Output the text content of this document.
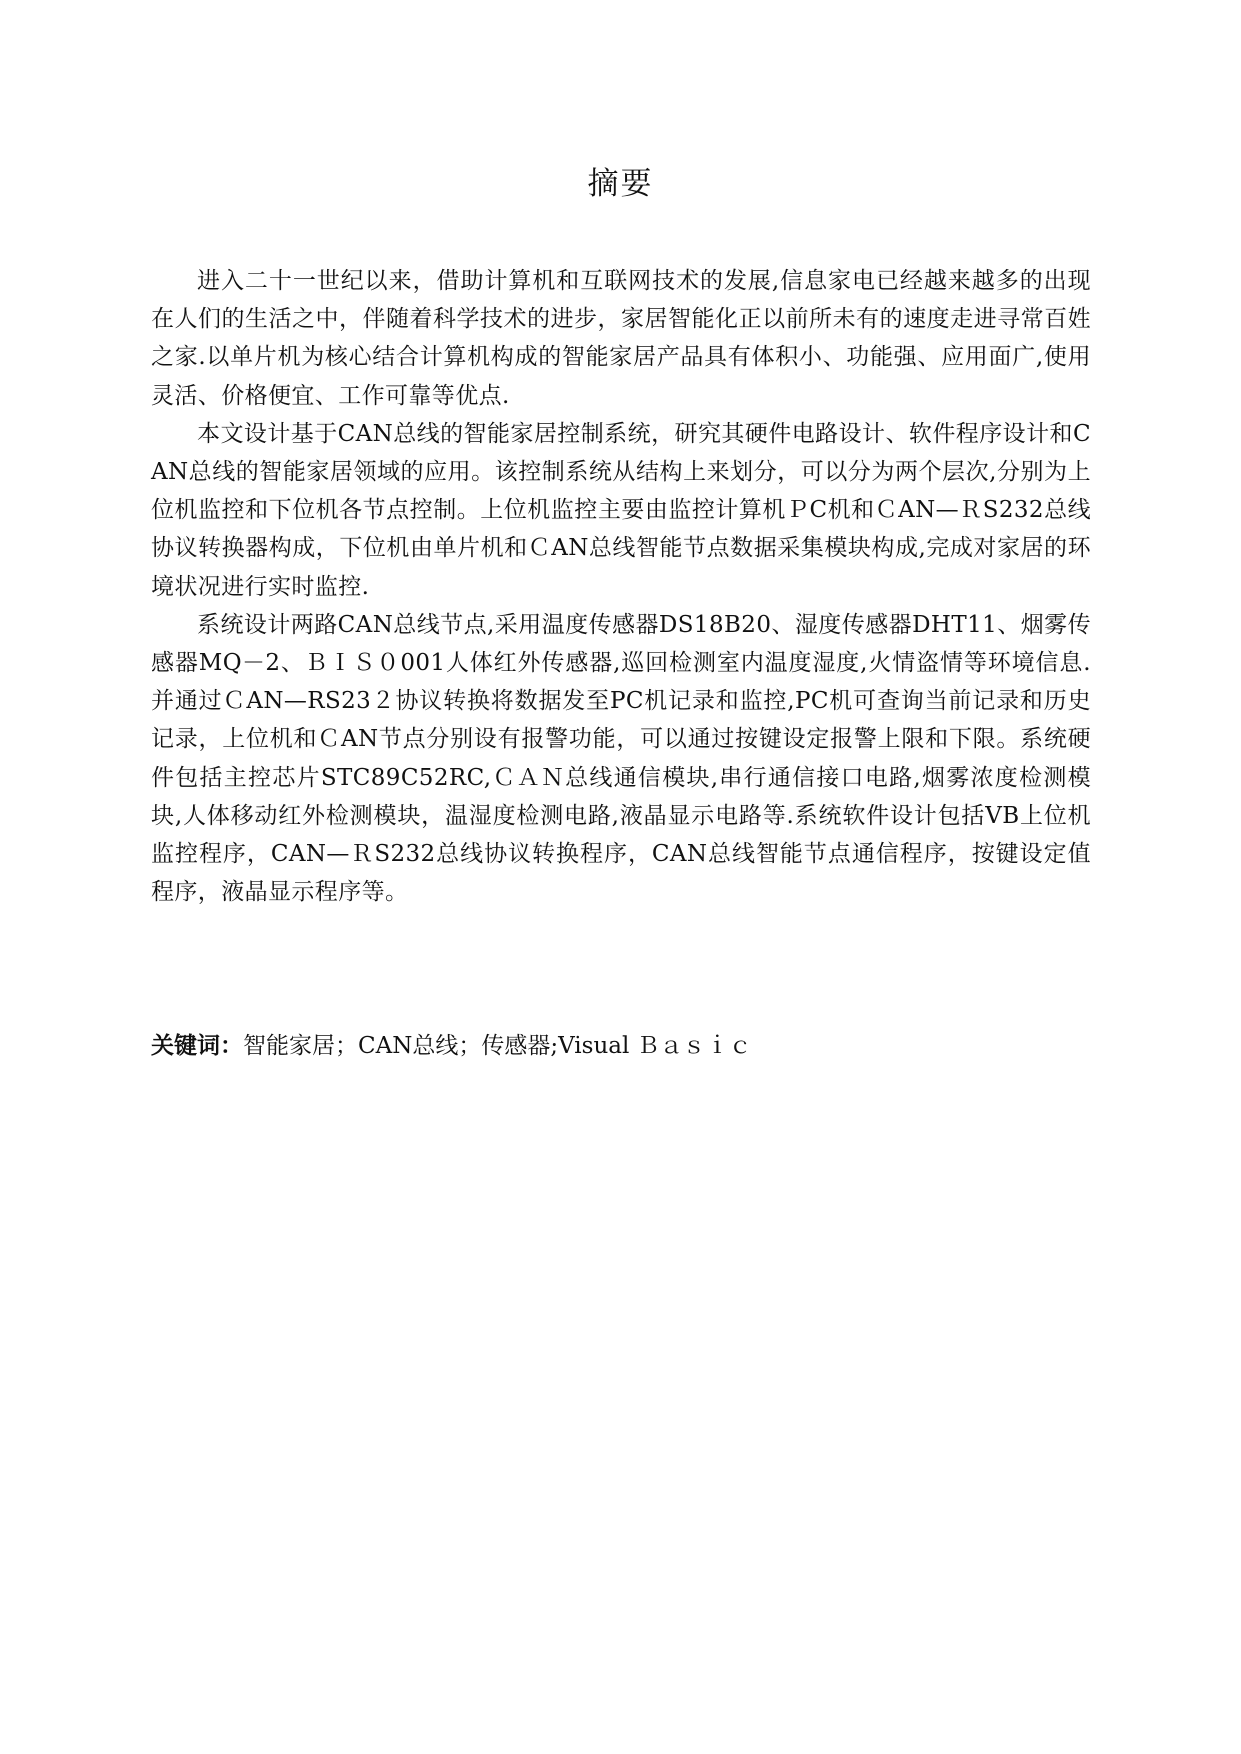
摘要

进入二十一世纪以来，借助计算机和互联网技术的发展,信息家电已经越来越多的出现在人们的生活之中，伴随着科学技术的进步，家居智能化正以前所未有的速度走进寻常百姓之家.以单片机为核心结合计算机构成的智能家居产品具有体积小、功能强、应用面广,使用灵活、价格便宜、工作可靠等优点.

本文设计基于CAN总线的智能家居控制系统，研究其硬件电路设计、软件程序设计和CAN总线的智能家居领域的应用。该控制系统从结构上来划分，可以分为两个层次,分别为上位机监控和下位机各节点控制。上位机监控主要由监控计算机ＰC机和ＣAN—ＲS232总线协议转换器构成，下位机由单片机和ＣAN总线智能节点数据采集模块构成,完成对家居的环境状况进行实时监控.

系统设计两路CAN总线节点,采用温度传感器DS18B20、湿度传感器DHT11、烟雾传感器MQ－2、ＢＩＳ０001人体红外传感器,巡回检测室内温度湿度,火情盗情等环境信息.并通过ＣAN—RS23２协议转换将数据发至PC机记录和监控,PC机可查询当前记录和历史记录，上位机和ＣAN节点分别设有报警功能，可以通过按键设定报警上限和下限。系统硬件包括主控芯片STC89C52RC,ＣＡＮ总线通信模块,串行通信接口电路,烟雾浓度检测模块,人体移动红外检测模块，温湿度检测电路,液晶显示电路等.系统软件设计包括VB上位机监控程序，CAN—ＲS232总线协议转换程序，CAN总线智能节点通信程序，按键设定值程序，液晶显示程序等。

关键词：智能家居；CAN总线；传感器;Visual Ｂａｓｉｃ
